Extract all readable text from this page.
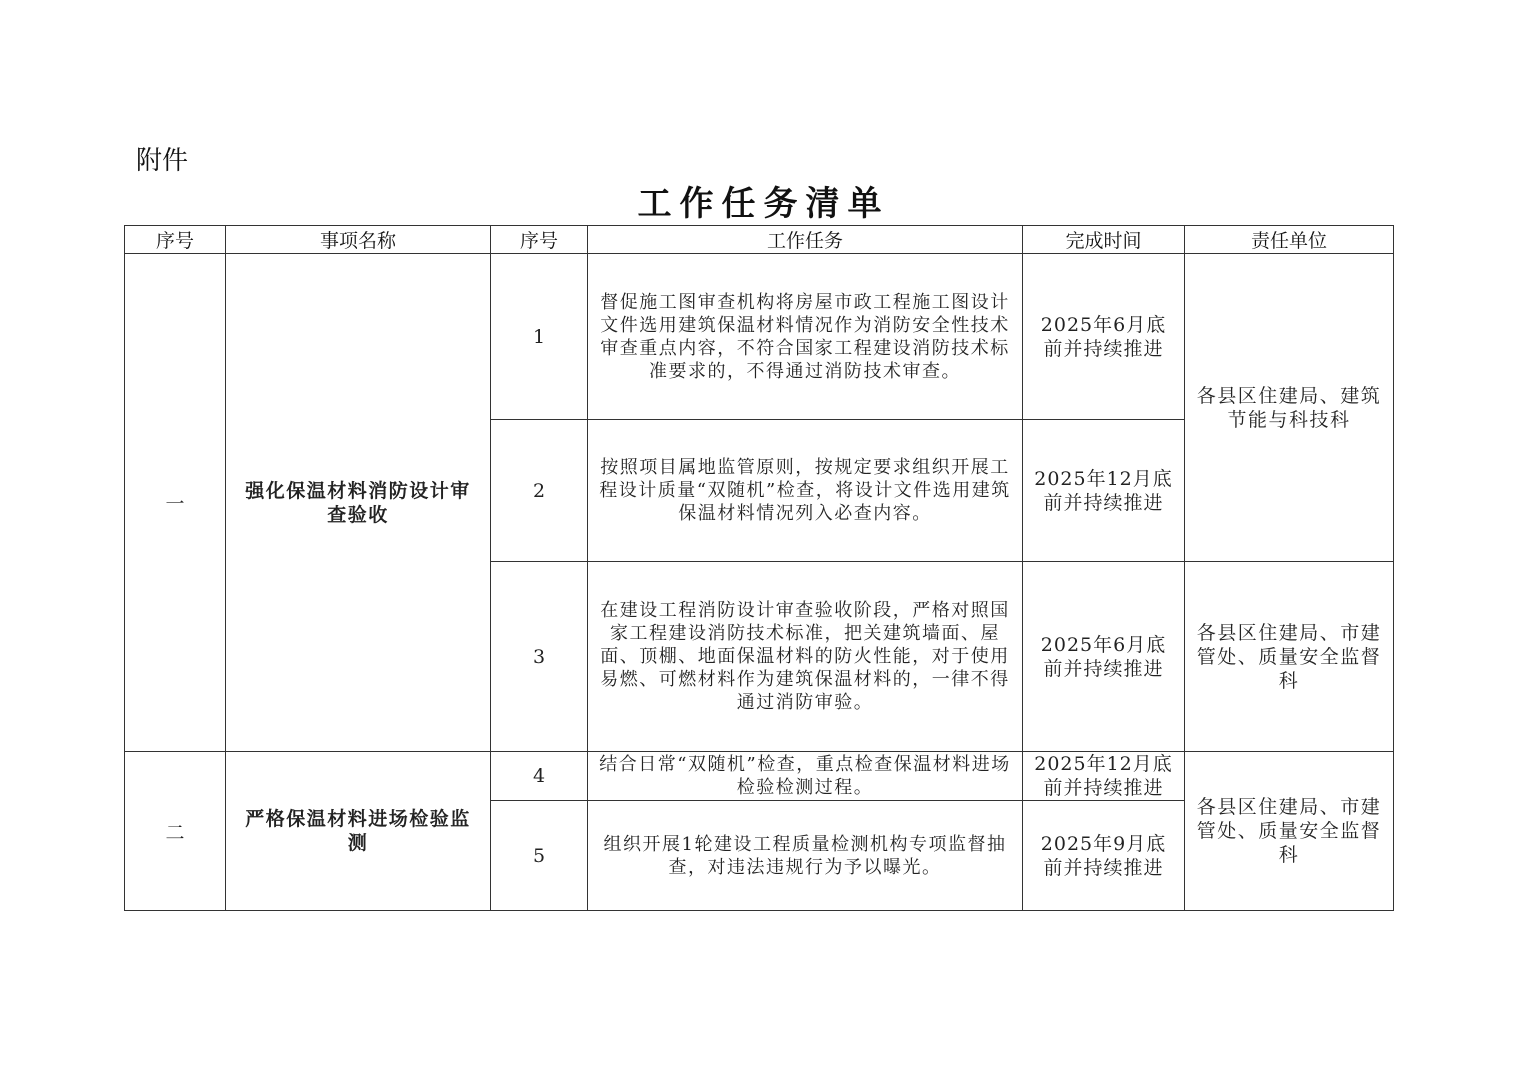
附件
工作任务清单
序号	事项名称	序号	工作任务	完成时间	责任单位
一	强化保温材料消防设计审查验收	1	督促施工图审查机构将房屋市政工程施工图设计文件选用建筑保温材料情况作为消防安全性技术审查重点内容，不符合国家工程建设消防技术标准要求的，不得通过消防技术审查。	2025年6月底前并持续推进	各县区住建局、建筑节能与科技科
		2	按照项目属地监管原则，按规定要求组织开展工程设计质量“双随机”检查，将设计文件选用建筑保温材料情况列入必查内容。	2025年12月底前并持续推进	
		3	在建设工程消防设计审查验收阶段，严格对照国家工程建设消防技术标准，把关建筑墙面、屋面、顶棚、地面保温材料的防火性能，对于使用易燃、可燃材料作为建筑保温材料的，一律不得通过消防审验。	2025年6月底前并持续推进	各县区住建局、市建管处、质量安全监督科
二	严格保温材料进场检验监测	4	结合日常“双随机”检查，重点检查保温材料进场检验检测过程。	2025年12月底前并持续推进	各县区住建局、市建管处、质量安全监督科
		5	组织开展1轮建设工程质量检测机构专项监督抽查，对违法违规行为予以曝光。	2025年9月底前并持续推进	
